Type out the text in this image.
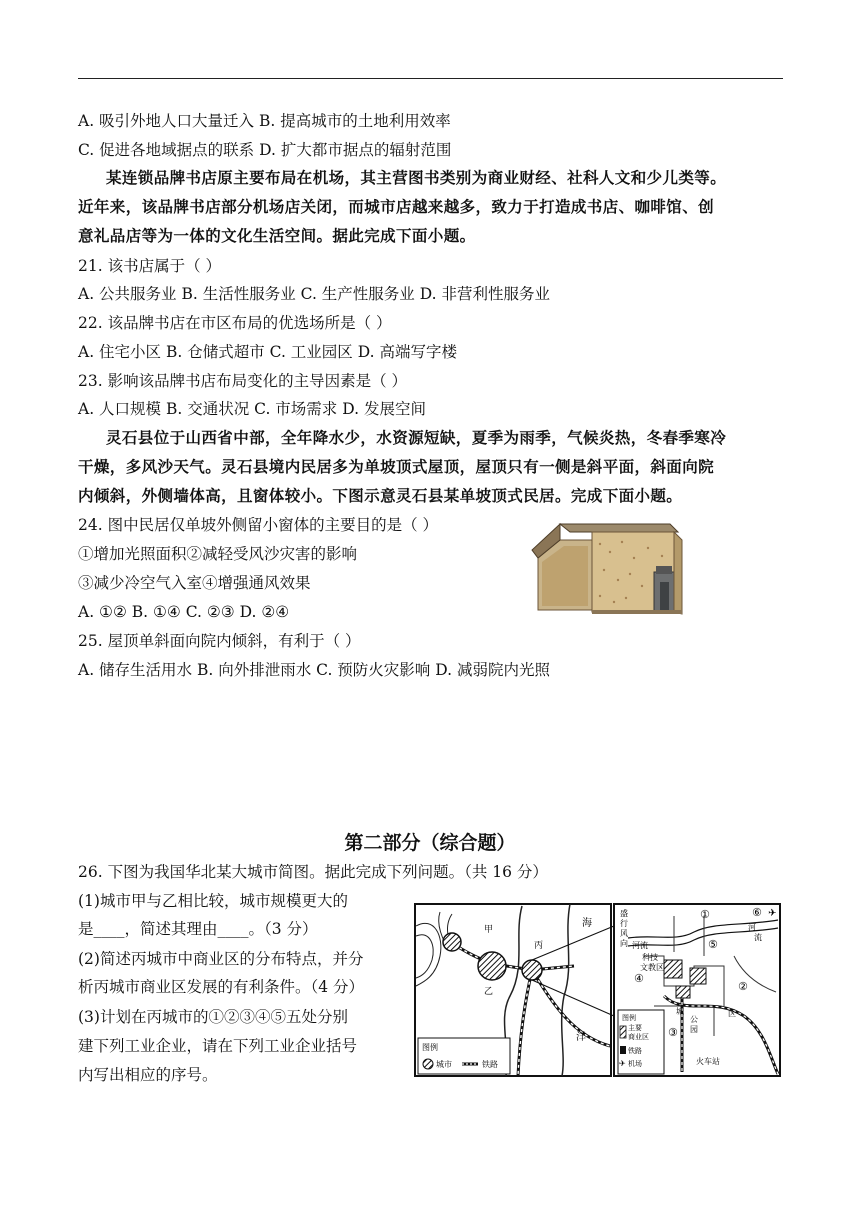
A. 吸引外地人口大量迁入 B. 提高城市的土地利用效率
C. 促进各地域据点的联系 D. 扩大都市据点的辐射范围
某连锁品牌书店原主要布局在机场，其主营图书类别为商业财经、社科人文和少儿类等。
近年来，该品牌书店部分机场店关闭，而城市店越来越多，致力于打造成书店、咖啡馆、创
意礼品店等为一体的文化生活空间。据此完成下面小题。
21. 该书店属于（ ）
A. 公共服务业 B. 生活性服务业 C. 生产性服务业 D. 非营利性服务业
22. 该品牌书店在市区布局的优选场所是（ ）
A. 住宅小区 B. 仓储式超市 C. 工业园区 D. 高端写字楼
23. 影响该品牌书店布局变化的主导因素是（ ）
A. 人口规模 B. 交通状况 C. 市场需求 D. 发展空间
灵石县位于山西省中部，全年降水少，水资源短缺，夏季为雨季，气候炎热，冬春季寒冷
干燥，多风沙天气。灵石县境内民居多为单坡顶式屋顶，屋顶只有一侧是斜平面，斜面向院
内倾斜，外侧墙体高，且窗体较小。下图示意灵石县某单坡顶式民居。完成下面小题。
24. 图中民居仅单坡外侧留小窗体的主要目的是（ ）
①增加光照面积②减轻受风沙灾害的影响
③减少冷空气入室④增强通风效果
A. ①② B. ①④ C. ②③ D. ②④
25. 屋顶单斜面向院内倾斜，有利于（ ）
A. 储存生活用水 B. 向外排泄雨水 C. 预防火灾影响 D. 减弱院内光照
第二部分（综合题）
26. 下图为我国华北某大城市简图。据此完成下列问题。（共 16 分）
(1)城市甲与乙相比较，城市规模更大的
是____，简述其理由____。（3 分）
(2)简述丙城市中商业区的分布特点，并分
析丙城市商业区发展的有利条件。（4 分）
(3)计划在丙城市的①②③④⑤五处分别
建下列工业企业，请在下列工业企业括号
内写出相应的序号。
甲
乙
丙
海
洋
图例
城市	铁路
①
②
③
④
⑤
⑥ ✈
盛
行
风
向 河流
河
流
科技
文教区
公
园
城	区
火车站
图例
主要
商业区
铁路
✈ 机场
